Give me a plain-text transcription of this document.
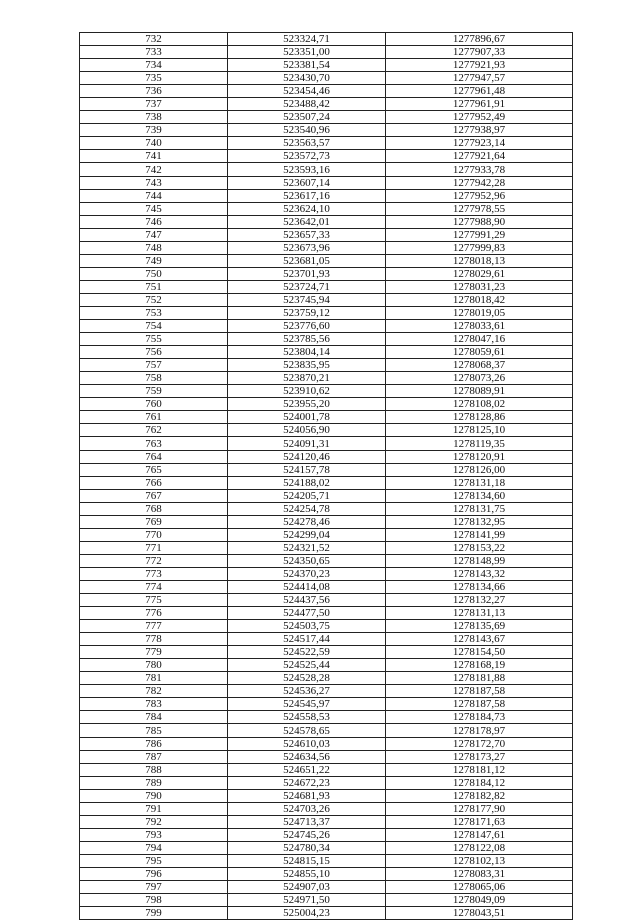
732	523324,71	1277896,67
733	523351,00	1277907,33
734	523381,54	1277921,93
735	523430,70	1277947,57
736	523454,46	1277961,48
737	523488,42	1277961,91
738	523507,24	1277952,49
739	523540,96	1277938,97
740	523563,57	1277923,14
741	523572,73	1277921,64
742	523593,16	1277933,78
743	523607,14	1277942,28
744	523617,16	1277952,96
745	523624,10	1277978,55
746	523642,01	1277988,90
747	523657,33	1277991,29
748	523673,96	1277999,83
749	523681,05	1278018,13
750	523701,93	1278029,61
751	523724,71	1278031,23
752	523745,94	1278018,42
753	523759,12	1278019,05
754	523776,60	1278033,61
755	523785,56	1278047,16
756	523804,14	1278059,61
757	523835,95	1278068,37
758	523870,21	1278073,26
759	523910,62	1278089,91
760	523955,20	1278108,02
761	524001,78	1278128,86
762	524056,90	1278125,10
763	524091,31	1278119,35
764	524120,46	1278120,91
765	524157,78	1278126,00
766	524188,02	1278131,18
767	524205,71	1278134,60
768	524254,78	1278131,75
769	524278,46	1278132,95
770	524299,04	1278141,99
771	524321,52	1278153,22
772	524350,65	1278148,99
773	524370,23	1278143,32
774	524414,08	1278134,66
775	524437,56	1278132,27
776	524477,50	1278131,13
777	524503,75	1278135,69
778	524517,44	1278143,67
779	524522,59	1278154,50
780	524525,44	1278168,19
781	524528,28	1278181,88
782	524536,27	1278187,58
783	524545,97	1278187,58
784	524558,53	1278184,73
785	524578,65	1278178,97
786	524610,03	1278172,70
787	524634,56	1278173,27
788	524651,22	1278181,12
789	524672,23	1278184,12
790	524681,93	1278182,82
791	524703,26	1278177,90
792	524713,37	1278171,63
793	524745,26	1278147,61
794	524780,34	1278122,08
795	524815,15	1278102,13
796	524855,10	1278083,31
797	524907,03	1278065,06
798	524971,50	1278049,09
799	525004,23	1278043,51
